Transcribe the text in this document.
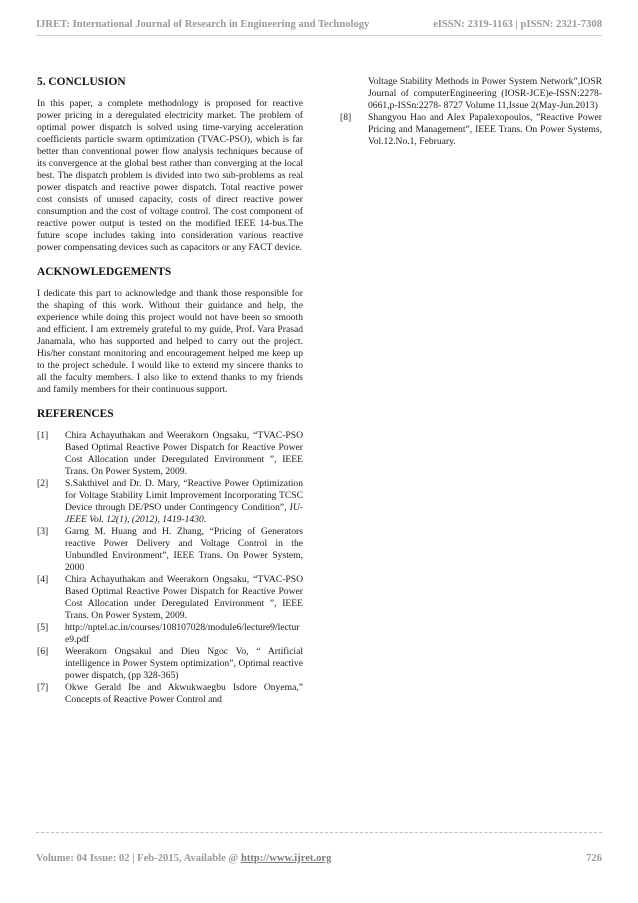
IJRET: International Journal of Research in Engineering and Technology	eISSN: 2319-1163 | pISSN: 2321-7308
5. CONCLUSION

In this paper, a complete methodology is proposed for reactive power pricing in a deregulated electricity market. The problem of optimal power dispatch is solved using time-varying acceleration coefficients particle swarm optimization (TVAC-PSO), which is far better than conventional power flow analysis techniques because of its convergence at the global best rather than converging at the local best. The dispatch problem is divided into two sub-problems as real power dispatch and reactive power dispatch. Total reactive power cost consists of unused capacity, costs of direct reactive power consumption and the cost of voltage control. The cost component of reactive power output is tested on the modified IEEE 14-bus.The future scope includes taking into consideration various reactive power compensating devices such as capacitors or any FACT device.

ACKNOWLEDGEMENTS

I dedicate this part to acknowledge and thank those responsible for the shaping of this work. Without their guidance and help, the experience while doing this project would not have been so smooth and efficient. I am extremely grateful to my guide, Prof. Vara Prasad Janamala, who has supported and helped to carry out the project. His/her constant monitoring and encouragement helped me keep up to the project schedule. I would like to extend my sincere thanks to all the faculty members. I also like to extend thanks to my friends and family members for their continuous support.

REFERENCES
[1]	Chira Achayuthakan and Weerakorn Ongsaku, “TVAC-PSO Based Optimal Reactive Power Dispatch for Reactive Power Cost Allocation under Deregulated Environment ”, IEEE Trans. On Power System, 2009.
[2]	S.Sakthivel and Dr. D. Mary, “Reactive Power Optimization for Voltage Stability Limit Improvement Incorporating TCSC Device through DE/PSO under Contingency Condition”, IU-JEEE Vol. 12(1), (2012), 1419-1430.
[3]	Garng M. Huang and H. Zhang, “Pricing of Generators reactive Power Delivery and Voltage Control in the Unbundled Environment”, IEEE Trans. On Power System, 2000
[4]	Chira Achayuthakan and Weerakorn Ongsaku, “TVAC-PSO Based Optimal Reactive Power Dispatch for Reactive Power Cost Allocation under Deregulated Environment ”, IEEE Trans. On Power System, 2009.
[5]	http://nptel.ac.in/courses/108107028/module6/lecture9/lecture9.pdf
[6]	Weerakorn Ongsakul and Dieu Ngoc Vo, “ Artificial intelligence in Power System optimization”, Optimal reactive power dispatch, (pp 328-365)
[7]	Okwe Gerald Ibe and Akwukwaegbu Isdore Onyema,” Concepts of Reactive Power Control and
Voltage Stability Methods in Power System Network”,IOSR Journal of computerEngineering (IOSR-JCE)e-ISSN:2278-0661,p-ISSn:2278- 8727 Volume 11,Issue 2(May-Jun.2013)
[8]	Shangyou Hao and Alex Papalexopoulos, ”Reactive Power Pricing and Management”, IEEE Trans. On Power Systems, Vol.12.No.1, February.
Volume: 04 Issue: 02 | Feb-2015, Available @ http://www.ijret.org	726
